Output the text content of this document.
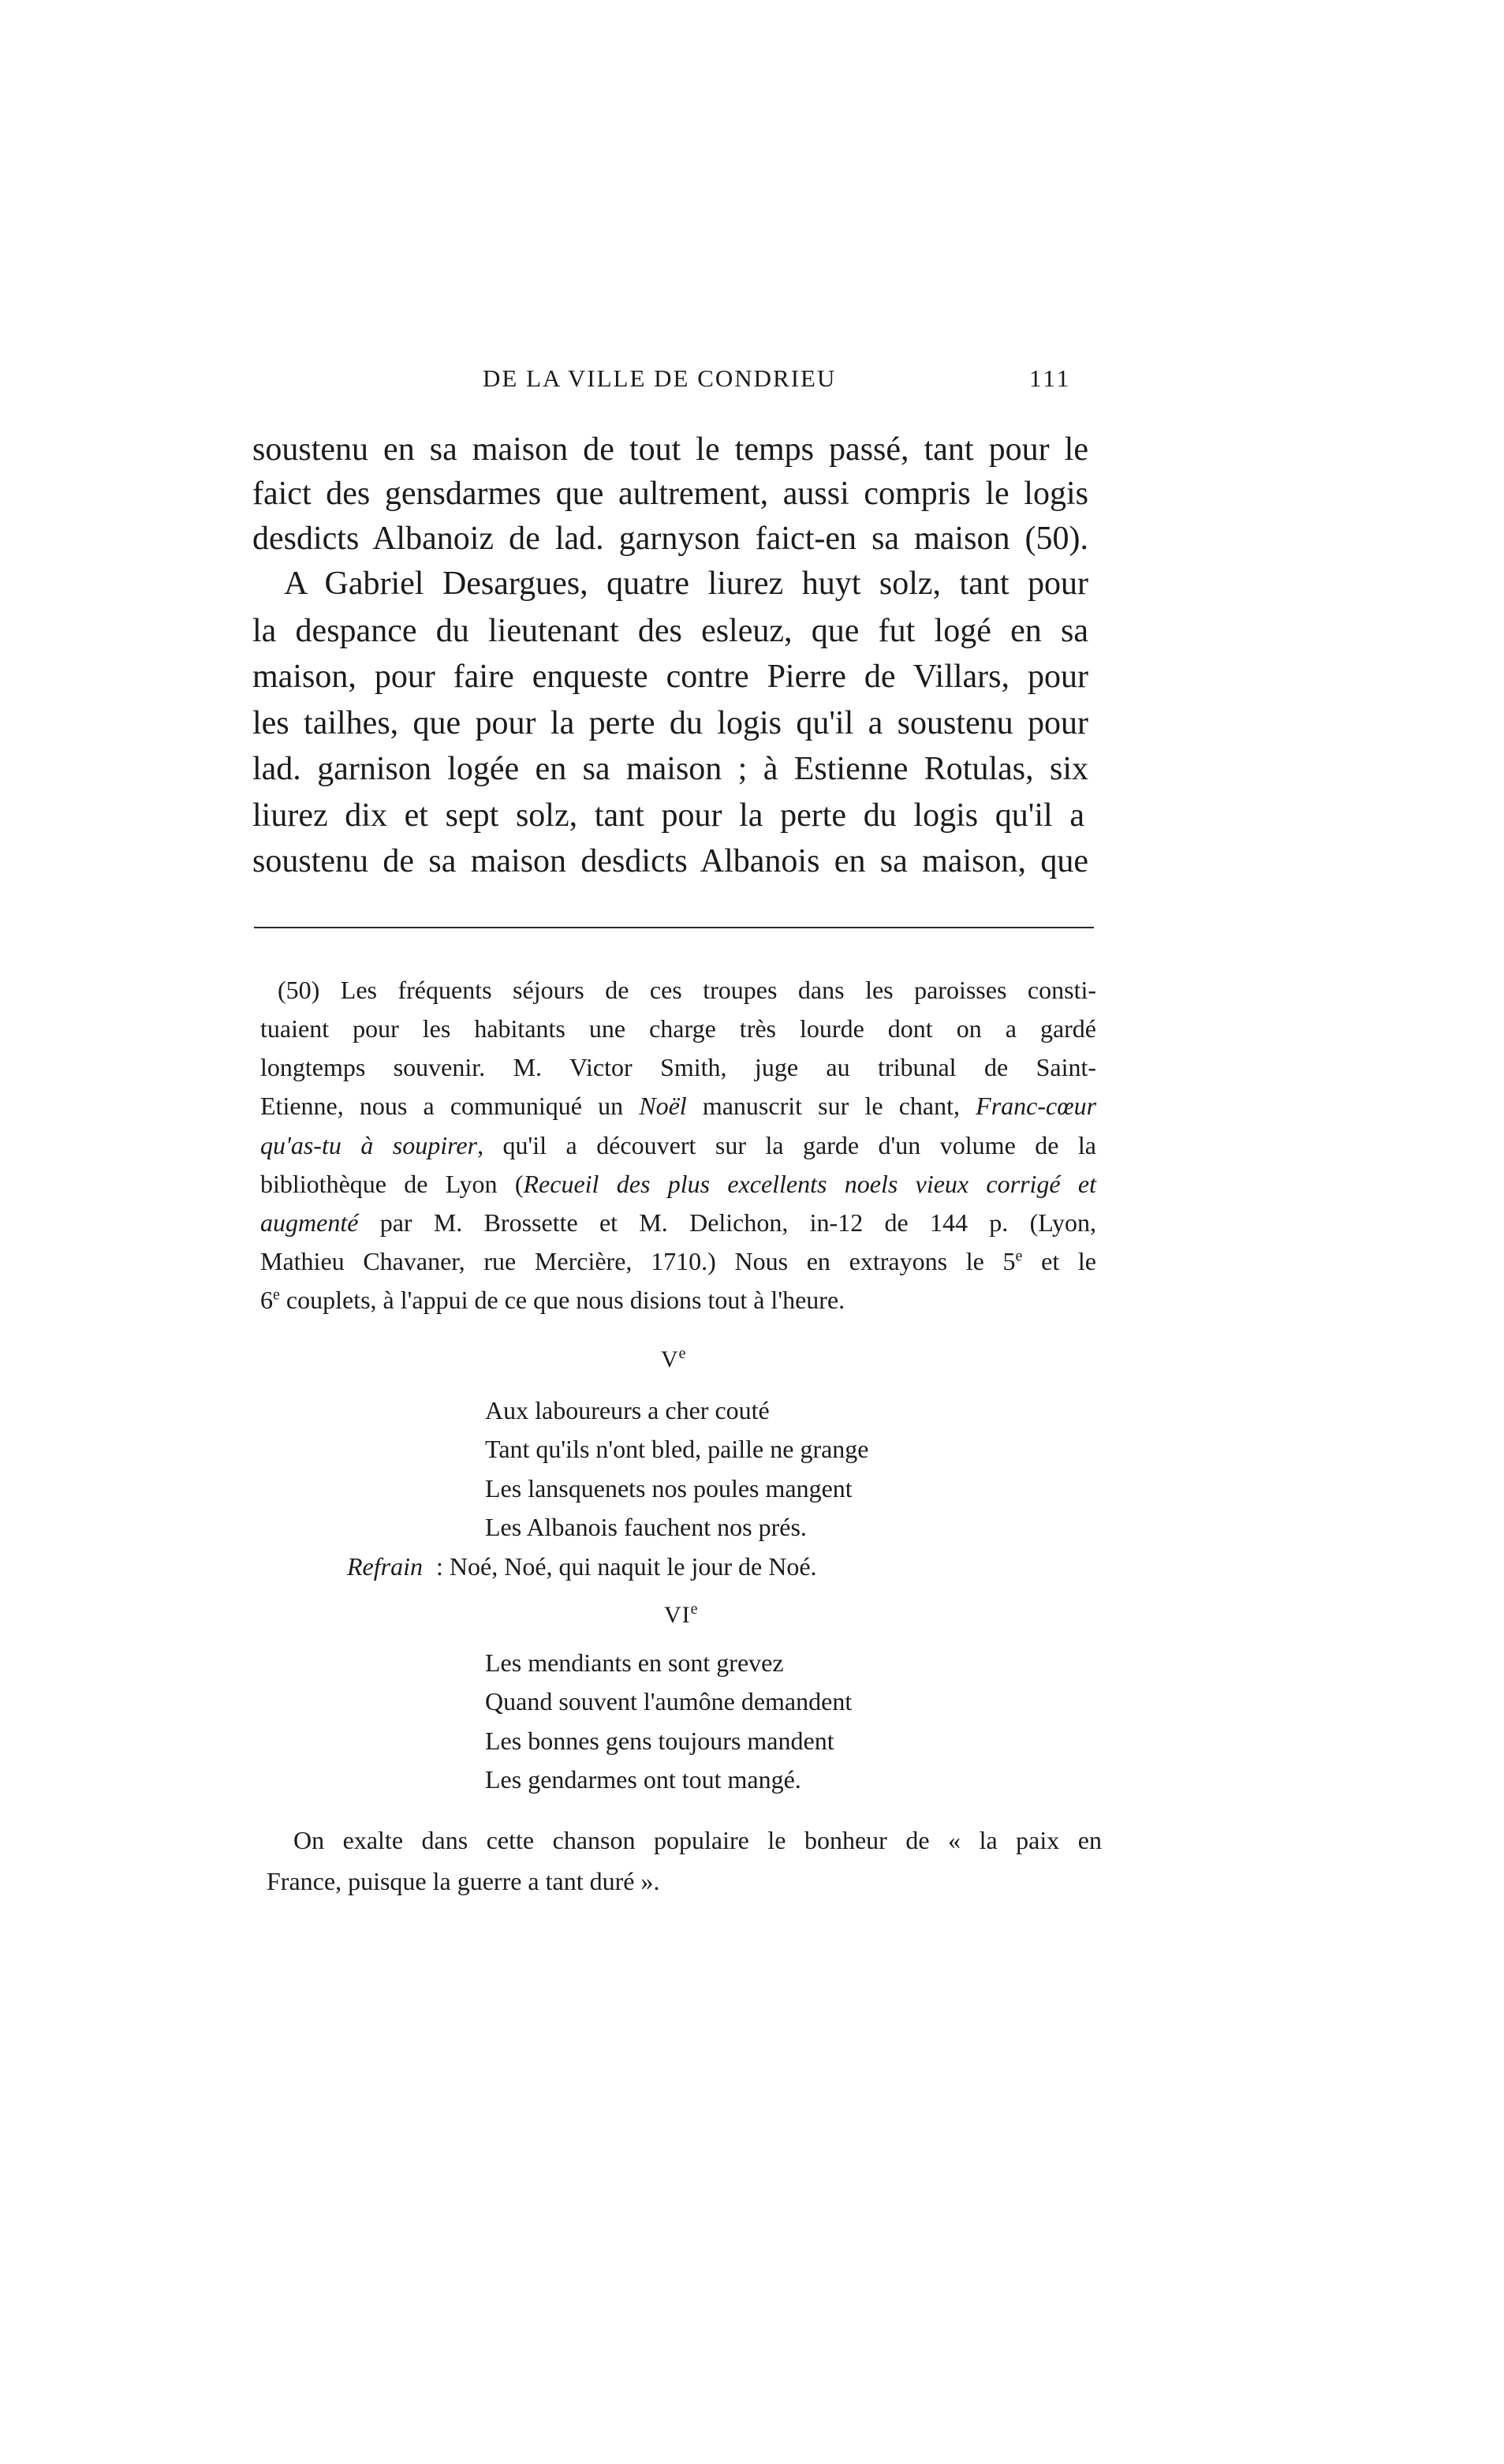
DE LA VILLE DE CONDRIEU	111
soustenu en sa maison de tout le temps passé, tant pour le
faict des gensdarmes que aultrement, aussi compris le logis
desdicts Albanoiz de lad. garnyson faict-en sa maison (50).
A Gabriel Desargues, quatre liurez huyt solz, tant pour
la despance du lieutenant des esleuz, que fut logé en sa
maison, pour faire enqueste contre Pierre de Villars, pour
les tailhes, que pour la perte du logis qu'il a soustenu pour
lad. garnison logée en sa maison ; à Estienne Rotulas, six
liurez dix et sept solz, tant pour la perte du logis qu'il a
soustenu de sa maison desdicts Albanois en sa maison, que
(50) Les fréquents séjours de ces troupes dans les paroisses consti-
tuaient pour les habitants une charge très lourde dont on a gardé
longtemps souvenir. M. Victor Smith, juge au tribunal de Saint-
Etienne, nous a communiqué un Noël manuscrit sur le chant, Franc-cœur
qu'as-tu à soupirer, qu'il a découvert sur la garde d'un volume de la
bibliothèque de Lyon (Recueil des plus excellents noels vieux corrigé et
augmenté par M. Brossette et M. Delichon, in-12 de 144 p. (Lyon,
Mathieu Chavaner, rue Mercière, 1710.) Nous en extrayons le 5e et le
6e couplets, à l'appui de ce que nous disions tout à l'heure.
Ve
Aux laboureurs a cher couté
Tant qu'ils n'ont bled, paille ne grange
Les lansquenets nos poules mangent
Les Albanois fauchent nos prés.
Refrain : Noé, Noé, qui naquit le jour de Noé.
VIe
Les mendiants en sont grevez
Quand souvent l'aumône demandent
Les bonnes gens toujours mandent
Les gendarmes ont tout mangé.
On exalte dans cette chanson populaire le bonheur de « la paix en
France, puisque la guerre a tant duré ».
